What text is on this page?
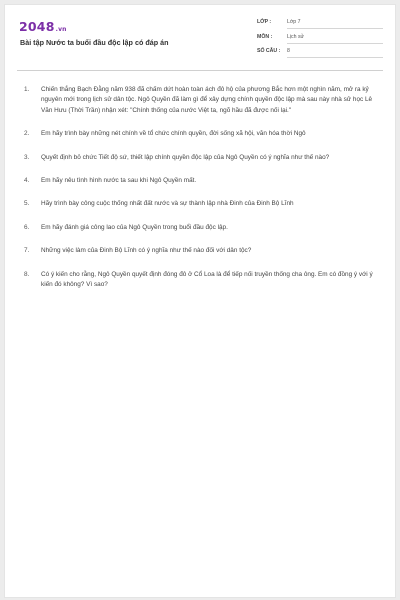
2048.vn
Bài tập Nước ta buổi đầu độc lập có đáp án
LỚP :	Lớp 7
MÔN :	Lịch sử
SỐ CÂU : 8
1. Chiến thắng Bạch Đằng năm 938 đã chấm dứt hoàn toàn ách đô hộ của phương Bắc hơn một nghìn năm, mở ra kỷ nguyên mới trong lịch sử dân tộc. Ngô Quyền đã làm gì để xây dựng chính quyền độc lập mà sau này nhà sử học Lê Văn Hưu (Thời Trần) nhận xét: "Chính thống của nước Việt ta, ngõ hầu đã được nối lại."
2. Em hãy trình bày những nét chính về tổ chức chính quyền, đời sống xã hội, văn hóa thời Ngô
3. Quyết định bỏ chức Tiết độ sứ, thiết lập chính quyền độc lập của Ngô Quyền có ý nghĩa như thế nào?
4. Em hãy nêu tình hình nước ta sau khi Ngô Quyền mất.
5. Hãy trình bày công cuộc thống nhất đất nước và sự thành lập nhà Đinh của Đinh Bộ Lĩnh
6. Em hãy đánh giá công lao của Ngô Quyền trong buổi đầu độc lập.
7. Những việc làm của Đinh Bộ Lĩnh có ý nghĩa như thế nào đối với dân tộc?
8. Có ý kiến cho rằng, Ngô Quyền quyết định đóng đô ở Cổ Loa là để tiếp nối truyền thống cha ông. Em có đồng ý với ý kiến đó không? Vì sao?
